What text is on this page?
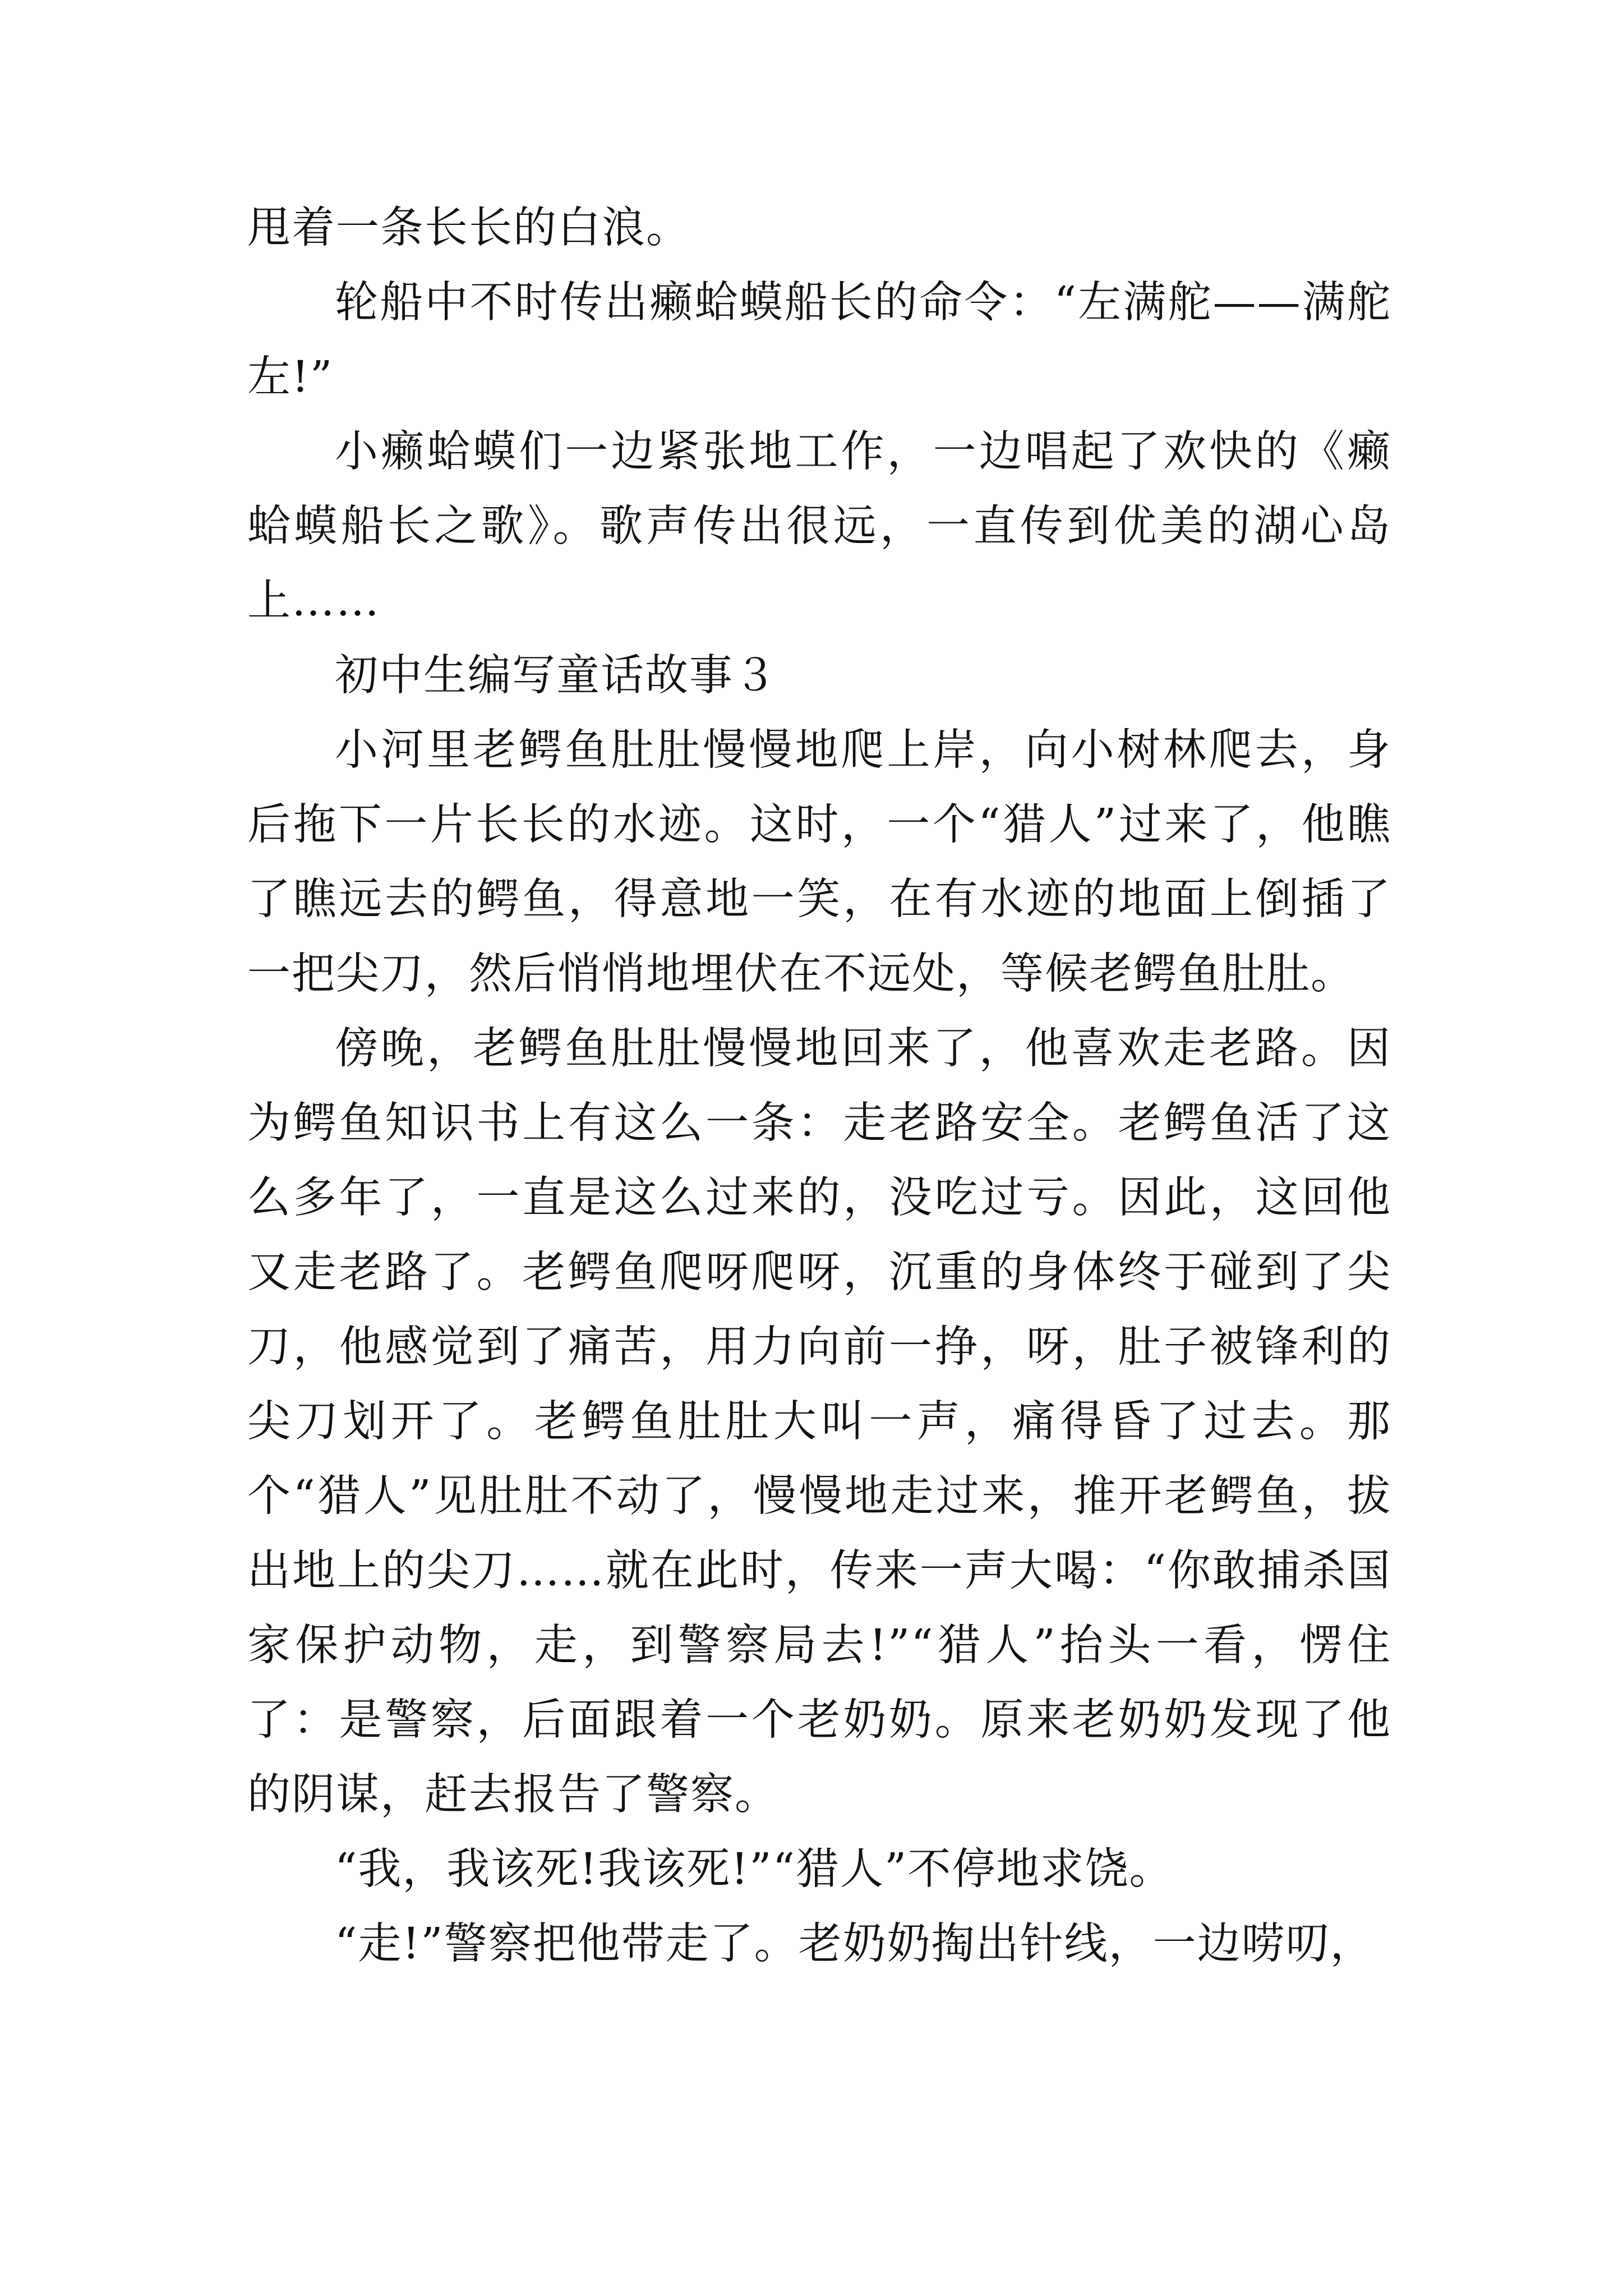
甩着一条长长的白浪。

轮船中不时传出癞蛤蟆船长的命令：“左满舵——满舵左!”

小癞蛤蟆们一边紧张地工作，一边唱起了欢快的《癞蛤蟆船长之歌》。歌声传出很远，一直传到优美的湖心岛上……

初中生编写童话故事３

小河里老鳄鱼肚肚慢慢地爬上岸，向小树林爬去，身后拖下一片长长的水迹。这时，一个“猎人”过来了，他瞧了瞧远去的鳄鱼，得意地一笑，在有水迹的地面上倒插了一把尖刀，然后悄悄地埋伏在不远处，等候老鳄鱼肚肚。

傍晚，老鳄鱼肚肚慢慢地回来了，他喜欢走老路。因为鳄鱼知识书上有这么一条：走老路安全。老鳄鱼活了这么多年了，一直是这么过来的，没吃过亏。因此，这回他又走老路了。老鳄鱼爬呀爬呀，沉重的身体终于碰到了尖刀，他感觉到了痛苦，用力向前一挣，呀，肚子被锋利的尖刀划开了。老鳄鱼肚肚大叫一声，痛得昏了过去。那个“猎人”见肚肚不动了，慢慢地走过来，推开老鳄鱼，拔出地上的尖刀……就在此时，传来一声大喝：“你敢捕杀国家保护动物，走，到警察局去!”“猎人”抬头一看，愣住了：是警察，后面跟着一个老奶奶。原来老奶奶发现了他的阴谋，赶去报告了警察。

“我，我该死!我该死!”“猎人”不停地求饶。

“走!”警察把他带走了。老奶奶掏出针线，一边唠叨，
